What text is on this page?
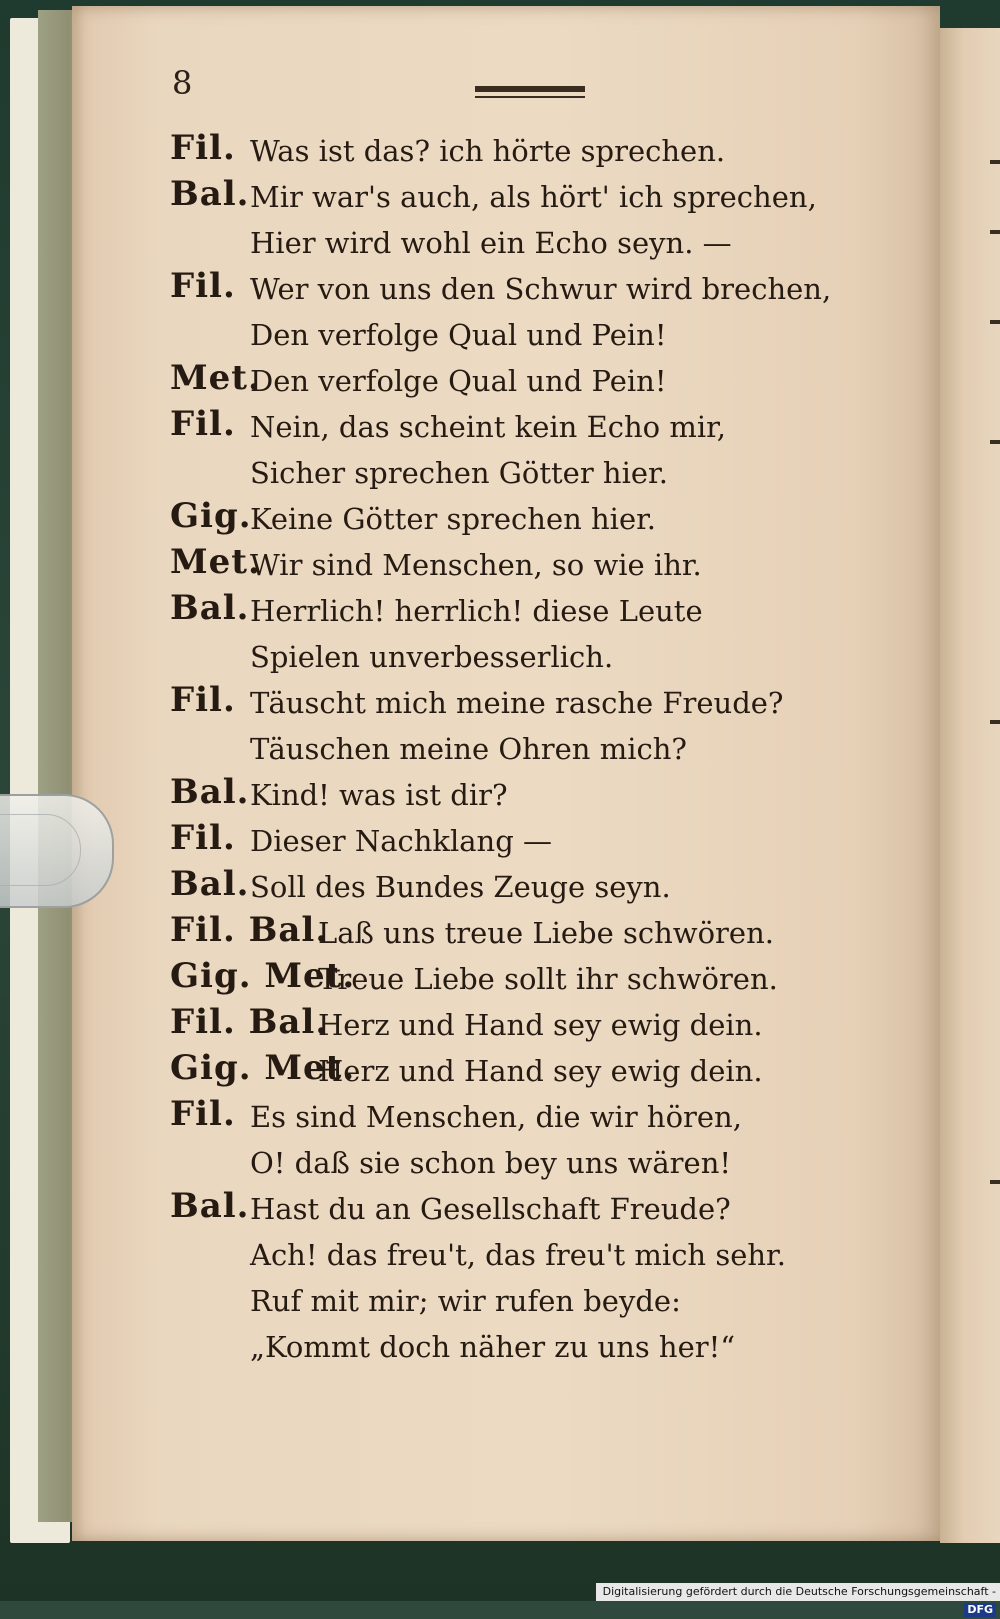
8
Fil. Was ist das? ich hörte sprechen.
Bal. Mir war's auch, als hört' ich sprechen,
Hier wird wohl ein Echo seyn. —
Fil. Wer von uns den Schwur wird brechen,
Den verfolge Qual und Pein!
Met.
Den verfolge Qual und Pein!
Fil. Nein, das scheint kein Echo mir,
Sicher sprechen Götter hier.
Gig.
Keine Götter sprechen hier.
Met.
Wir sind Menschen, so wie ihr.
Bal. Herrlich! herrlich! diese Leute
Spielen unverbesserlich.
Fil. Täuscht mich meine rasche Freude?
Täuschen meine Ohren mich?
Bal. Kind! was ist dir?
Fil. Dieser Nachklang —
Bal. Soll des Bundes Zeuge seyn.
Fil. Bal.
Laß uns treue Liebe schwören.
Gig. Met.
Treue Liebe sollt ihr schwören.
Fil. Bal.
Herz und Hand sey ewig dein.
Gig. Met.
Herz und Hand sey ewig dein.
Fil. Es sind Menschen, die wir hören,
O! daß sie schon bey uns wären!
Bal. Hast du an Gesellschaft Freude?
Ach! das freu't, das freu't mich sehr.
Ruf mit mir; wir rufen beyde:
„Kommt doch näher zu uns her!“
Digitalisierung gefördert durch die Deutsche Forschungsgemeinschaft -DFG
